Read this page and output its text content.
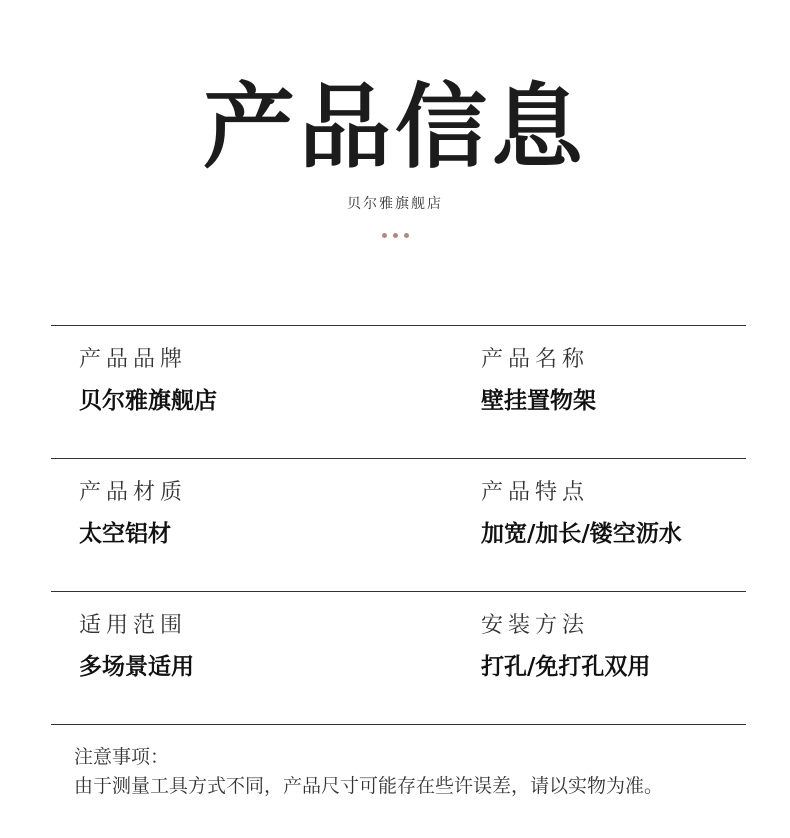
产品信息
贝尔雅旗舰店
产品品牌
贝尔雅旗舰店
产品名称
壁挂置物架
产品材质
太空铝材
产品特点
加宽/加长/镂空沥水
适用范围
多场景适用
安装方法
打孔/免打孔双用
注意事项：
由于测量工具方式不同，产品尺寸可能存在些许误差，请以实物为准。
